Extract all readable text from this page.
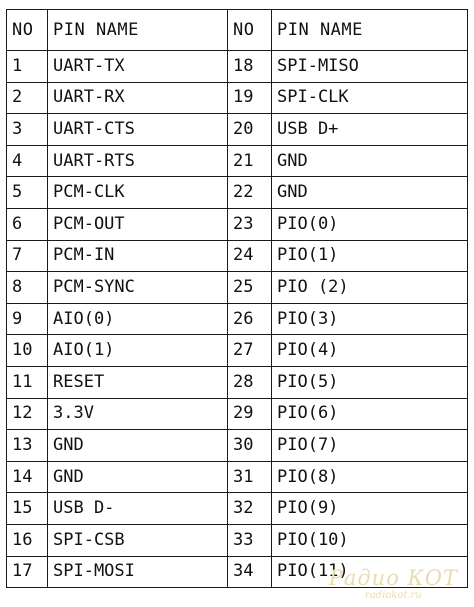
NO	PIN NAME	NO	PIN NAME
1	UART-TX	18	SPI-MISO
2	UART-RX	19	SPI-CLK
3	UART-CTS	20	USB D+
4	UART-RTS	21	GND
5	PCM-CLK	22	GND
6	PCM-OUT	23	PIO(0)
7	PCM-IN	24	PIO(1)
8	PCM-SYNC	25	PIO (2)
9	AIO(0)	26	PIO(3)
10	AIO(1)	27	PIO(4)
11	RESET	28	PIO(5)
12	3.3V	29	PIO(6)
13	GND	30	PIO(7)
14	GND	31	PIO(8)
15	USB D-	32	PIO(9)
16	SPI-CSB	33	PIO(10)
17	SPI-MOSI	34	PIO(11)
Радио КОТ
radiokot.ru
